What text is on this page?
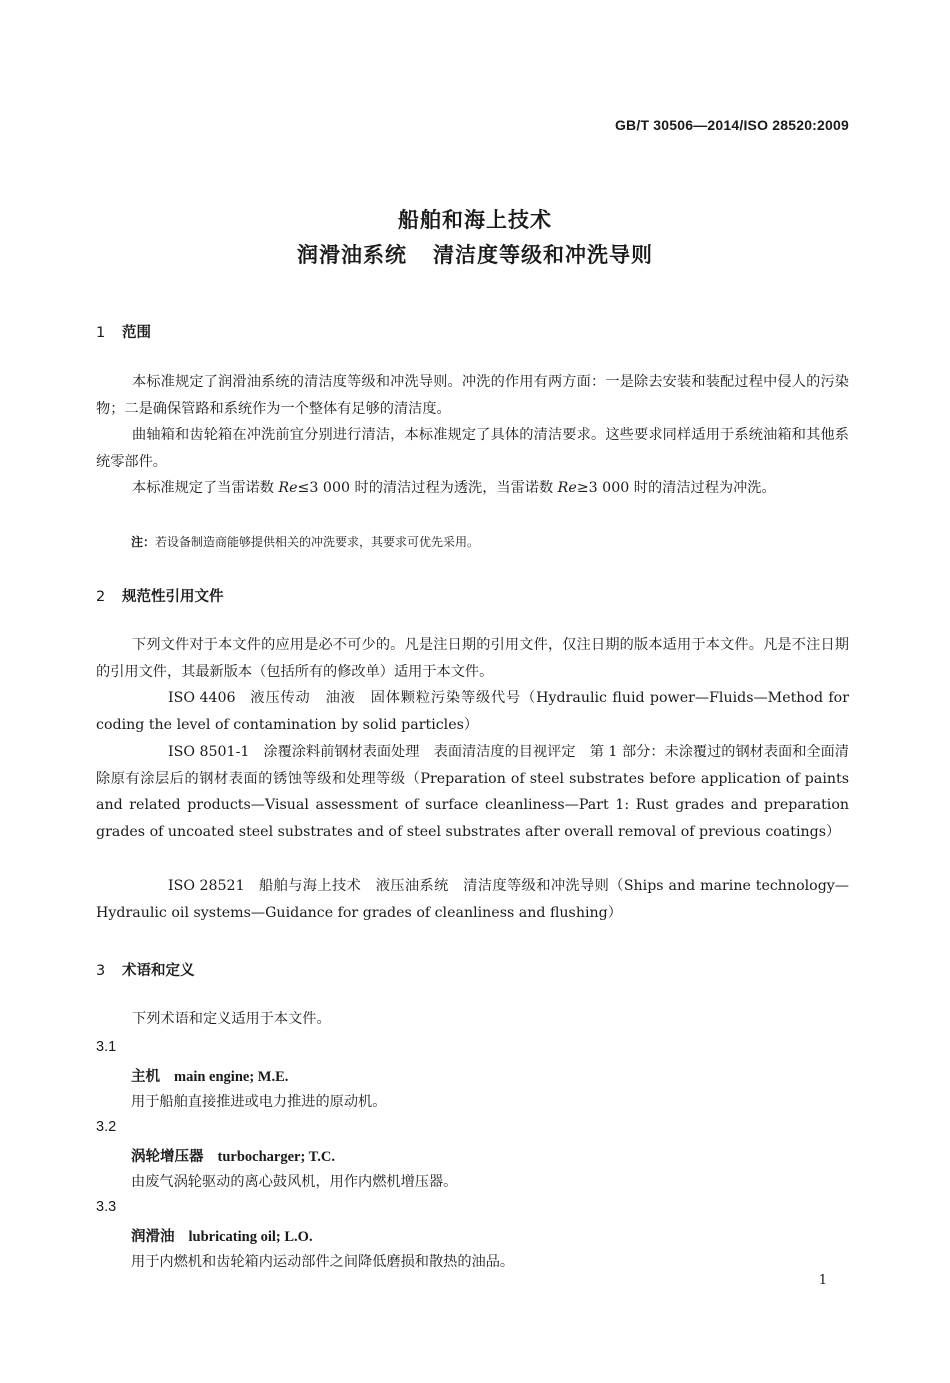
GB/T 30506—2014/ISO 28520:2009
船舶和海上技术
润滑油系统 清洁度等级和冲洗导则
1 范围
本标准规定了润滑油系统的清洁度等级和冲洗导则。冲洗的作用有两方面：一是除去安装和装配过程中侵人的污染物；二是确保管路和系统作为一个整体有足够的清洁度。
曲轴箱和齿轮箱在冲洗前宜分别进行清洁，本标准规定了具体的清洁要求。这些要求同样适用于系统油箱和其他系统零部件。
本标准规定了当雷诺数 Re≤3 000 时的清洁过程为透洗，当雷诺数 Re≥3 000 时的清洁过程为冲洗。
注：若设备制造商能够提供相关的冲洗要求，其要求可优先采用。
2 规范性引用文件
下列文件对于本文件的应用是必不可少的。凡是注日期的引用文件，仅注日期的版本适用于本文件。凡是不注日期的引用文件，其最新版本（包括所有的修改单）适用于本文件。
ISO 4406 液压传动　油液　固体颗粒污染等级代号（Hydraulic fluid power—Fluids—Method for coding the level of contamination by solid particles）
ISO 8501-1 涂覆涂料前钢材表面处理　表面清洁度的目视评定　第 1 部分：未涂覆过的钢材表面和全面清除原有涂层后的钢材表面的锈蚀等级和处理等级（Preparation of steel substrates before application of paints and related products—Visual assessment of surface cleanliness—Part 1: Rust grades and preparation grades of uncoated steel substrates and of steel substrates after overall removal of previous coatings）
ISO 28521 船舶与海上技术　液压油系统　清洁度等级和冲洗导则（Ships and marine technology—Hydraulic oil systems—Guidance for grades of cleanliness and flushing）
3 术语和定义
下列术语和定义适用于本文件。
3.1
主机 main engine; M.E.
用于船舶直接推进或电力推进的原动机。
3.2
涡轮增压器 turbocharger; T.C.
由废气涡轮驱动的离心鼓风机，用作内燃机增压器。
3.3
润滑油 lubricating oil; L.O.
用于内燃机和齿轮箱内运动部件之间降低磨损和散热的油品。
1
